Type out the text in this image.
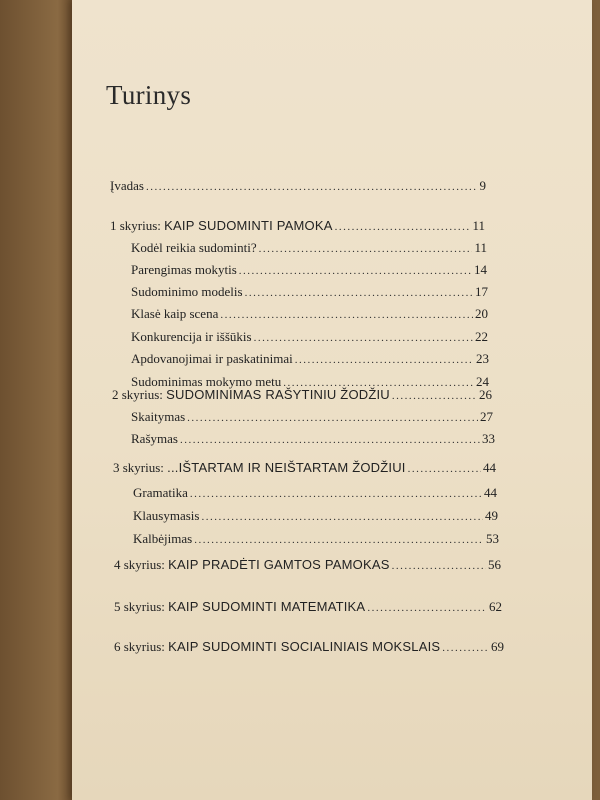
Turinys
Įvadas .....	9
1 skyrius: KAIP SUDOMINTI PAMOKA .....	11
Kodėl reikia sudominti? .....	11
Parengimas mokytis .....	14
Sudominimo modelis .....	17
Klasė kaip scena .....	20
Konkurencija ir iššūkis .....	22
Apdovanojimai ir paskatinimai .....	23
Sudominimas mokymo metu .....	24
2 skyrius: SUDOMINIMAS RAŠYTINIU ŽODŽIU .....	26
Skaitymas .....	27
Rašymas .....	33
3 skyrius: ...IŠTARTAM IR NEIŠTARTAM ŽODŽIUI .....	44
Gramatika .....	44
Klausymasis .....	49
Kalbėjimas .....	53
4 skyrius: KAIP PRADĖTI GAMTOS PAMOKAS .....	56
5 skyrius: KAIP SUDOMINTI MATEMATIKA .....	62
6 skyrius: KAIP SUDOMINTI SOCIALINIAIS MOKSLAIS .....	69
